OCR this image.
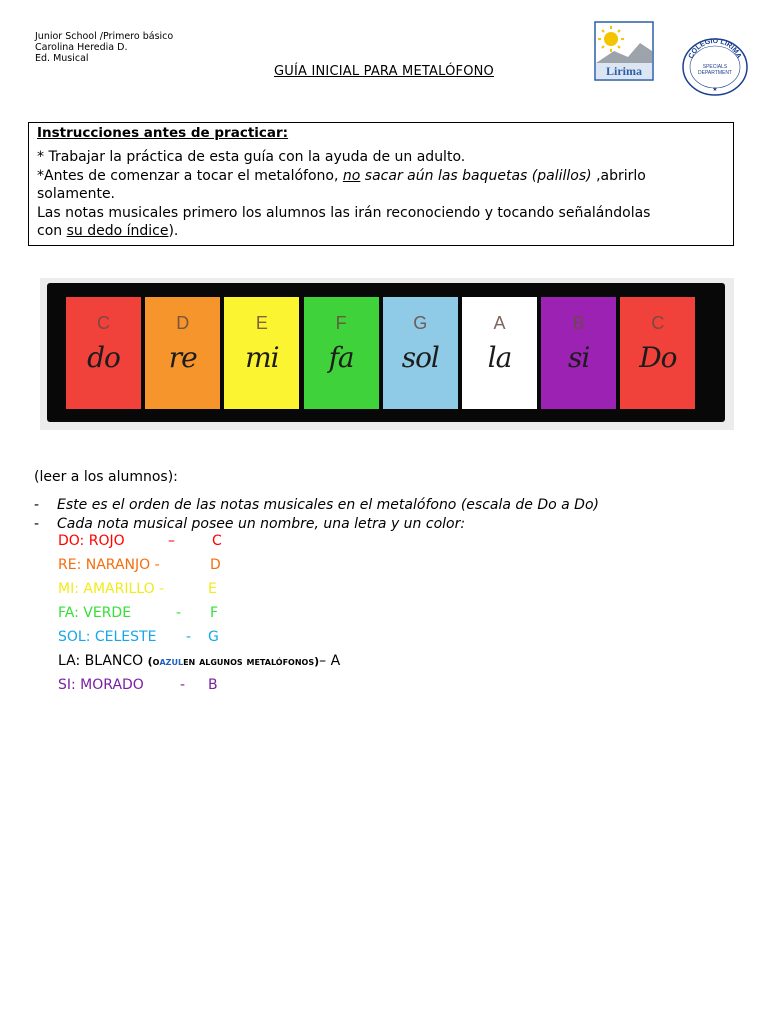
Junior School /Primero básico
Carolina Heredia D.
Ed. Musical
GUÍA INICIAL PARA METALÓFONO	Lirima
COLEGIO LIRIMA
SPECIALS
DEPARTMENT
★
Instrucciones antes de practicar:

* Trabajar la práctica de esta guía con la ayuda de un adulto.

*Antes de comenzar a tocar el metalófono, no sacar aún las baquetas (palillos) ,abrirlo

solamente.

Las notas musicales primero los alumnos las irán reconociendo y tocando señalándolas

con su dedo índice).

C
do
D
re
E
mi
F
fa
G
sol
A
la
B
si
C
Do
(leer a los alumnos):
- Este es el orden de las notas musicales en el metalófono (escala de Do a Do)
- Cada nota musical posee un nombre, una letra y un color:
DO: ROJO	–	C
RE: NARANJO -	D
MI: AMARILLO -	E
FA: VERDE	- F
SOL: CELESTE - G
LA: BLANCO (oazulen algunos metalófonos)– A
SI: MORADO	- B
